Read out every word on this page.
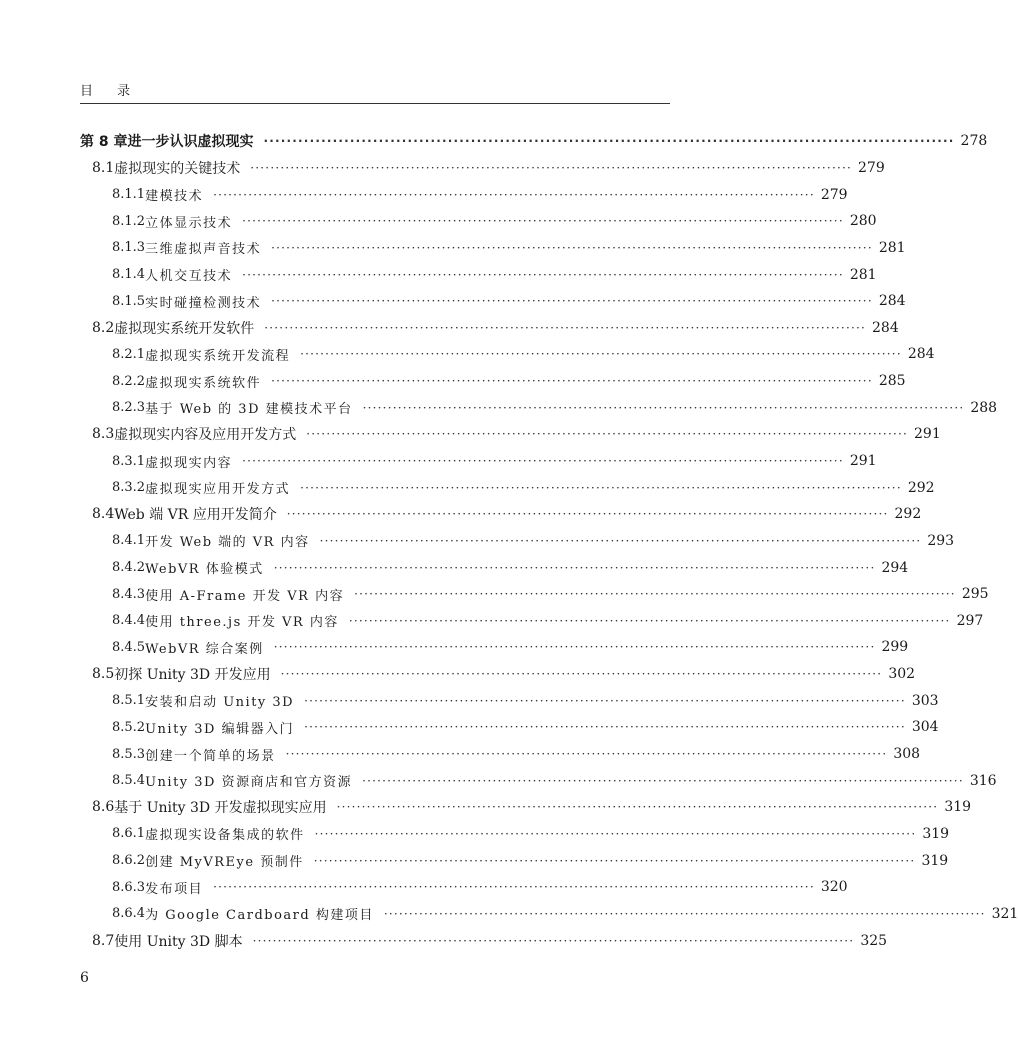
目 录
第 8 章 进一步认识虚拟现实 ························································································································ 278
8.1 虚拟现实的关键技术 ························································································································ 279
8.1.1 建模技术 ························································································································ 279
8.1.2 立体显示技术 ························································································································ 280
8.1.3 三维虚拟声音技术 ························································································································ 281
8.1.4 人机交互技术 ························································································································ 281
8.1.5 实时碰撞检测技术 ························································································································ 284
8.2 虚拟现实系统开发软件 ························································································································ 284
8.2.1 虚拟现实系统开发流程 ························································································································ 284
8.2.2 虚拟现实系统软件 ························································································································ 285
8.2.3 基于 Web 的 3D 建模技术平台 ························································································································ 288
8.3 虚拟现实内容及应用开发方式 ························································································································ 291
8.3.1 虚拟现实内容 ························································································································ 291
8.3.2 虚拟现实应用开发方式 ························································································································ 292
8.4 Web 端 VR 应用开发简介 ························································································································ 292
8.4.1 开发 Web 端的 VR 内容 ························································································································ 293
8.4.2 WebVR 体验模式 ························································································································ 294
8.4.3 使用 A-Frame 开发 VR 内容 ························································································································ 295
8.4.4 使用 three.js 开发 VR 内容 ························································································································ 297
8.4.5 WebVR 综合案例 ························································································································ 299
8.5 初探 Unity 3D 开发应用 ························································································································ 302
8.5.1 安装和启动 Unity 3D ························································································································ 303
8.5.2 Unity 3D 编辑器入门 ························································································································ 304
8.5.3 创建一个简单的场景 ························································································································ 308
8.5.4 Unity 3D 资源商店和官方资源 ························································································································ 316
8.6 基于 Unity 3D 开发虚拟现实应用 ························································································································ 319
8.6.1 虚拟现实设备集成的软件 ························································································································ 319
8.6.2 创建 MyVREye 预制件 ························································································································ 319
8.6.3 发布项目 ························································································································ 320
8.6.4 为 Google Cardboard 构建项目 ························································································································ 321
8.7 使用 Unity 3D 脚本 ························································································································ 325
6
